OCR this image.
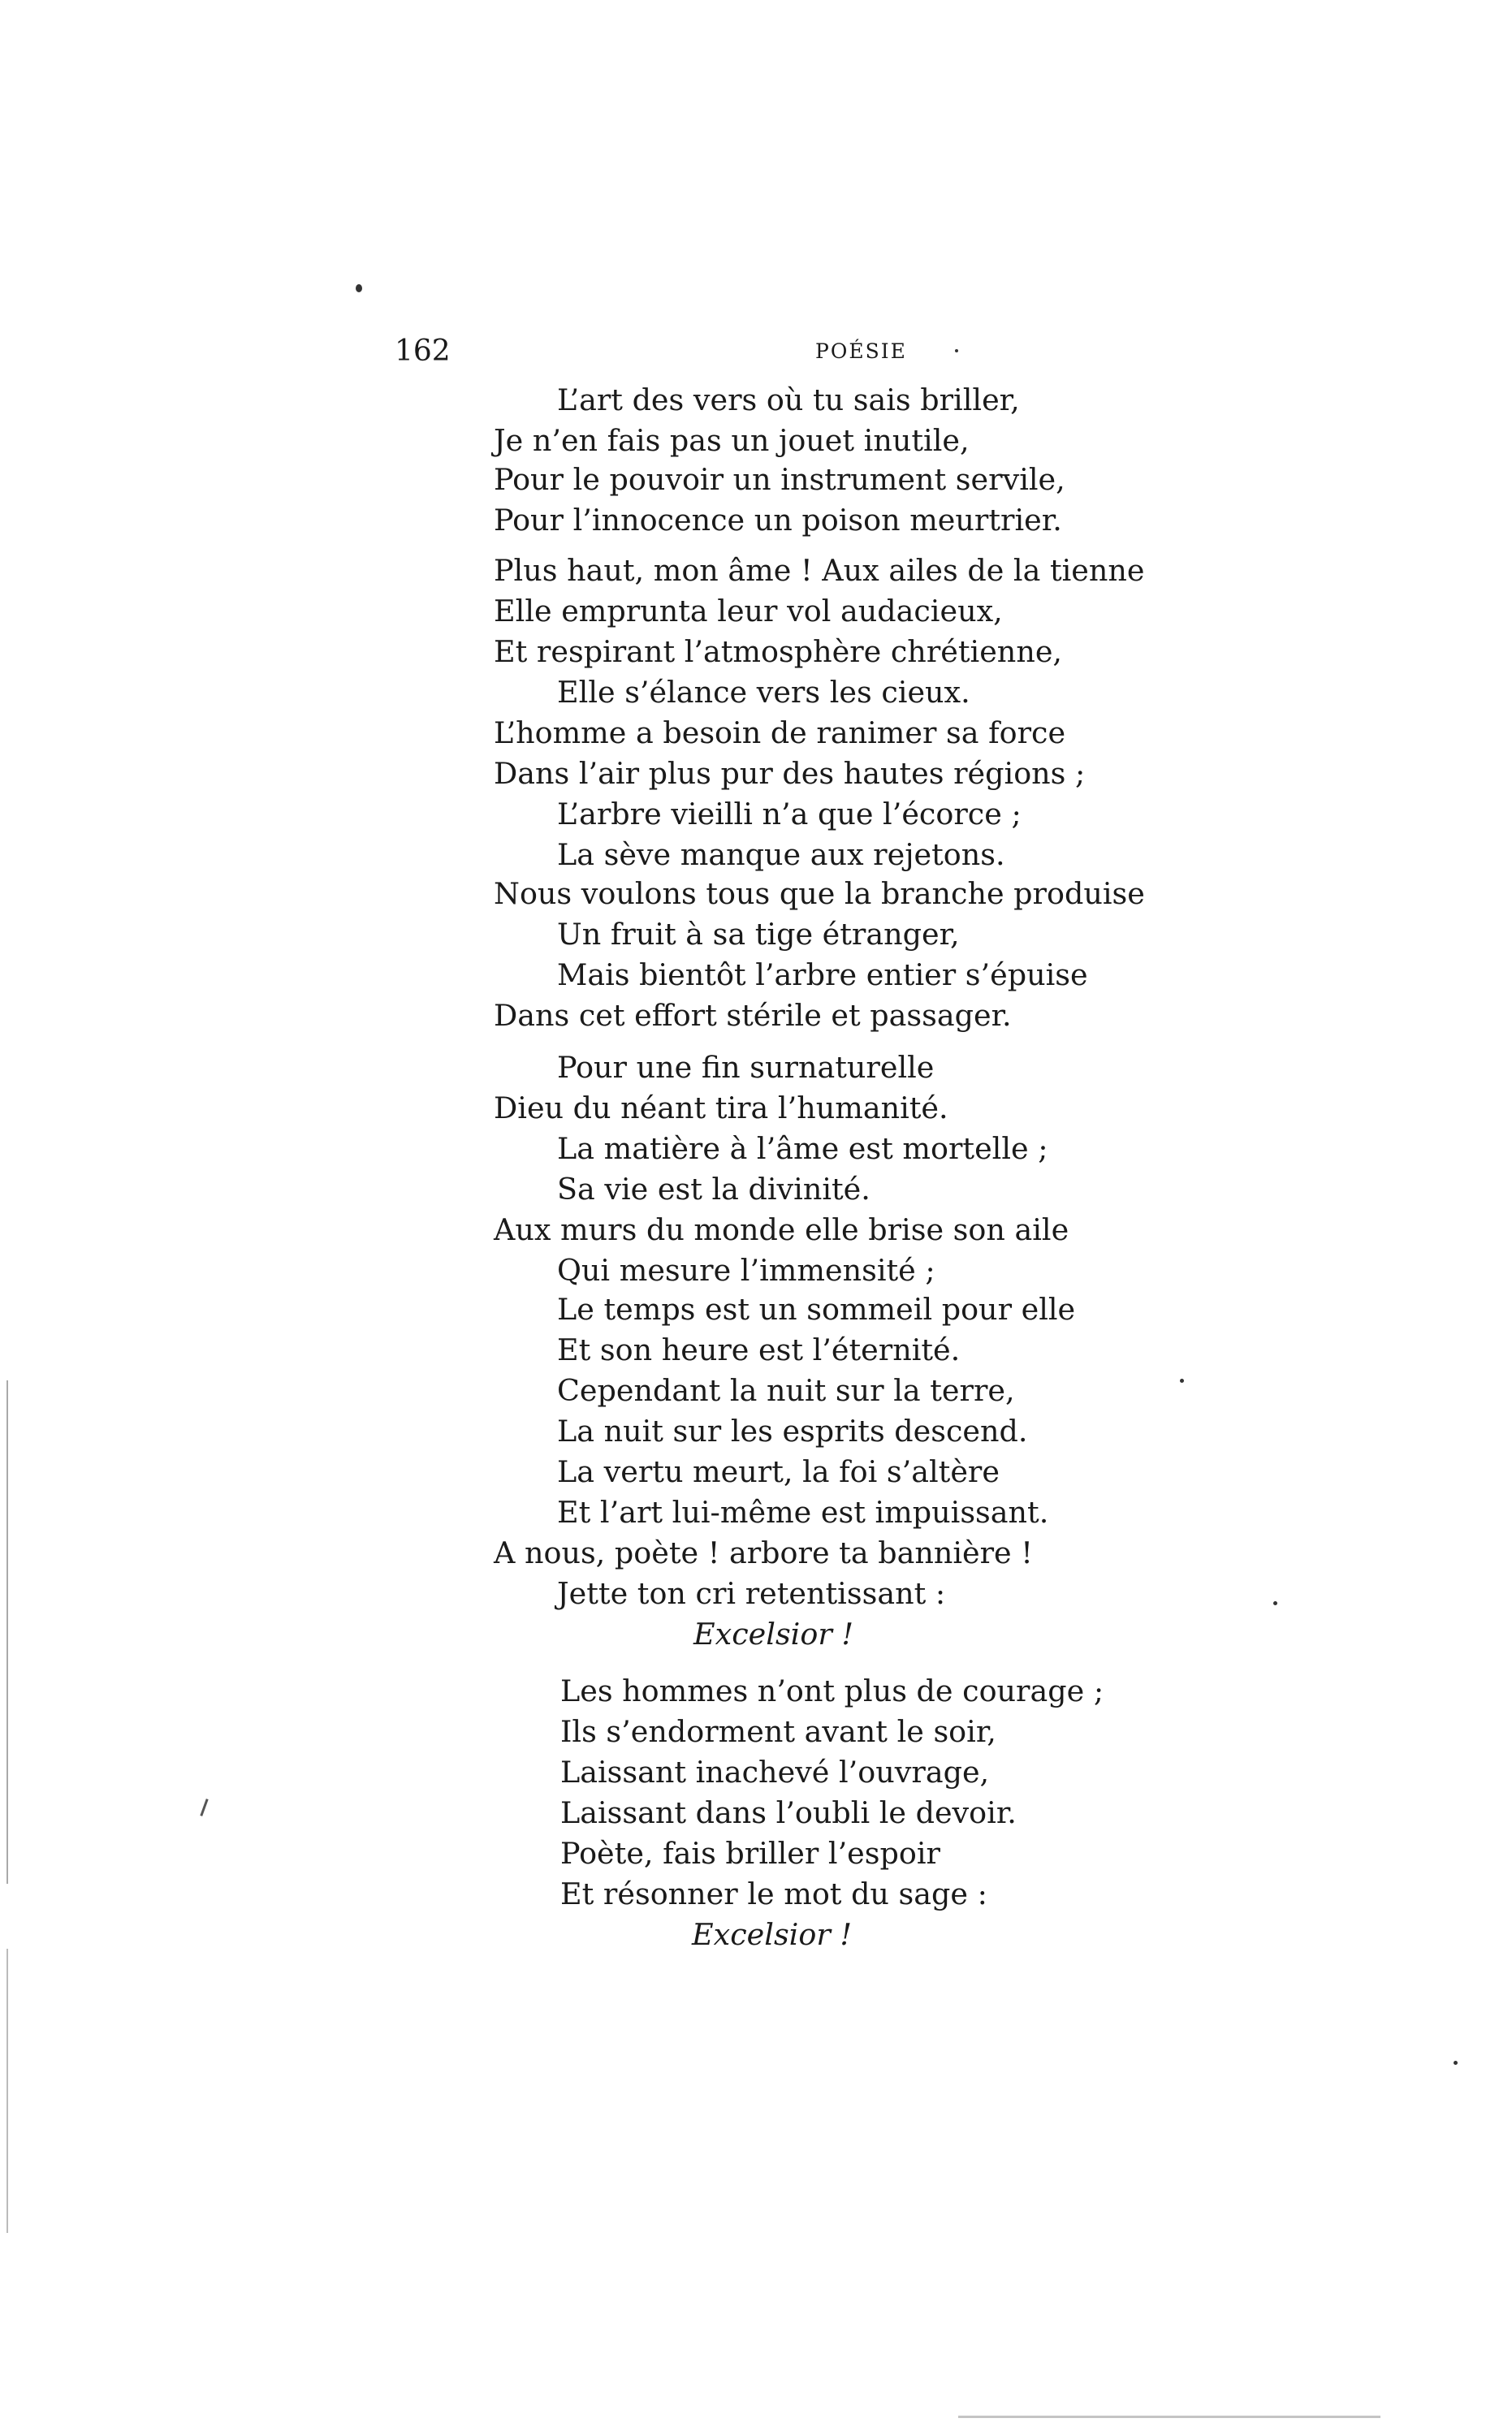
162	POÉSIE
L’art des vers où tu sais briller,
Je n’en fais pas un jouet inutile,
Pour le pouvoir un instrument servile,
Pour l’innocence un poison meurtrier.
Plus haut, mon âme ! Aux ailes de la tienne
Elle emprunta leur vol audacieux,
Et respirant l’atmosphère chrétienne,
Elle s’élance vers les cieux.
L’homme a besoin de ranimer sa force
Dans l’air plus pur des hautes régions ;
L’arbre vieilli n’a que l’écorce ;
La sève manque aux rejetons.
Nous voulons tous que la branche produise
Un fruit à sa tige étranger,
Mais bientôt l’arbre entier s’épuise
Dans cet effort stérile et passager.
Pour une fin surnaturelle
Dieu du néant tira l’humanité.
La matière à l’âme est mortelle ;
Sa vie est la divinité.
Aux murs du monde elle brise son aile
Qui mesure l’immensité ;
Le temps est un sommeil pour elle
Et son heure est l’éternité.
Cependant la nuit sur la terre,
La nuit sur les esprits descend.
La vertu meurt, la foi s’altère
Et l’art lui-même est impuissant.
A nous, poète ! arbore ta bannière !
Jette ton cri retentissant :
Excelsior !
Les hommes n’ont plus de courage ;
Ils s’endorment avant le soir,
Laissant inachevé l’ouvrage,
Laissant dans l’oubli le devoir.
Poète, fais briller l’espoir
Et résonner le mot du sage :
Excelsior !
